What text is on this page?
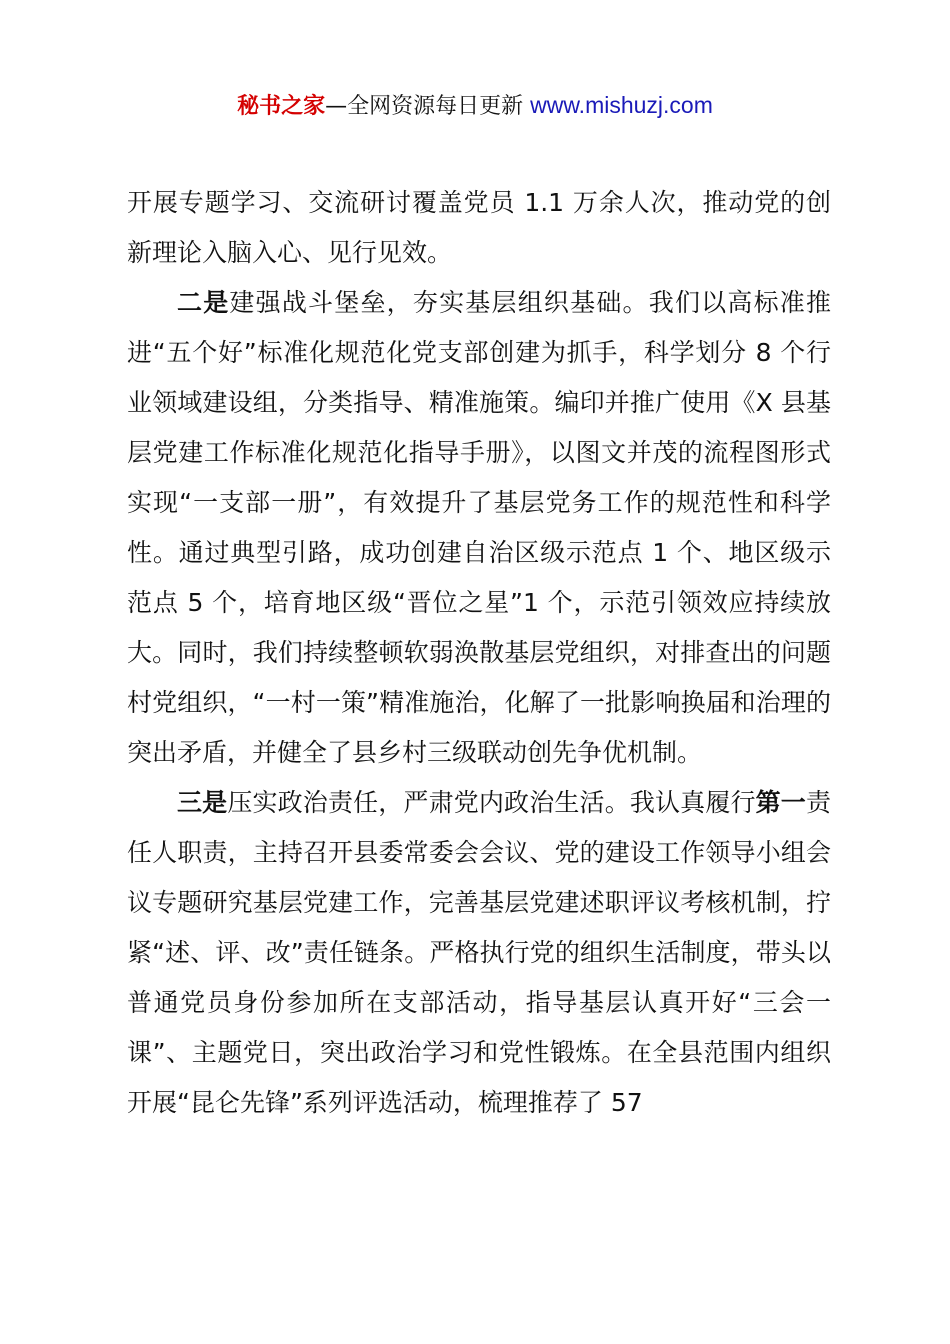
秘书之家—全网资源每日更新 www.mishuzj.com

开展专题学习、交流研讨覆盖党员 1.1 万余人次，推动党的创新理论入脑入心、见行见效。

二是建强战斗堡垒，夯实基层组织基础。我们以高标准推进“五个好”标准化规范化党支部创建为抓手，科学划分 8 个行业领域建设组，分类指导、精准施策。编印并推广使用《X 县基层党建工作标准化规范化指导手册》，以图文并茂的流程图形式实现“一支部一册”，有效提升了基层党务工作的规范性和科学性。通过典型引路，成功创建自治区级示范点 1 个、地区级示范点 5 个，培育地区级“晋位之星”1 个，示范引领效应持续放大。同时，我们持续整顿软弱涣散基层党组织，对排查出的问题村党组织，“一村一策”精准施治，化解了一批影响换届和治理的突出矛盾，并健全了县乡村三级联动创先争优机制。

三是压实政治责任，严肃党内政治生活。我认真履行第一责任人职责，主持召开县委常委会会议、党的建设工作领导小组会议专题研究基层党建工作，完善基层党建述职评议考核机制，拧紧“述、评、改”责任链条。严格执行党的组织生活制度，带头以普通党员身份参加所在支部活动，指导基层认真开好“三会一课”、主题党日，突出政治学习和党性锻炼。在全县范围内组织开展“昆仑先锋”系列评选活动，梳理推荐了 57
